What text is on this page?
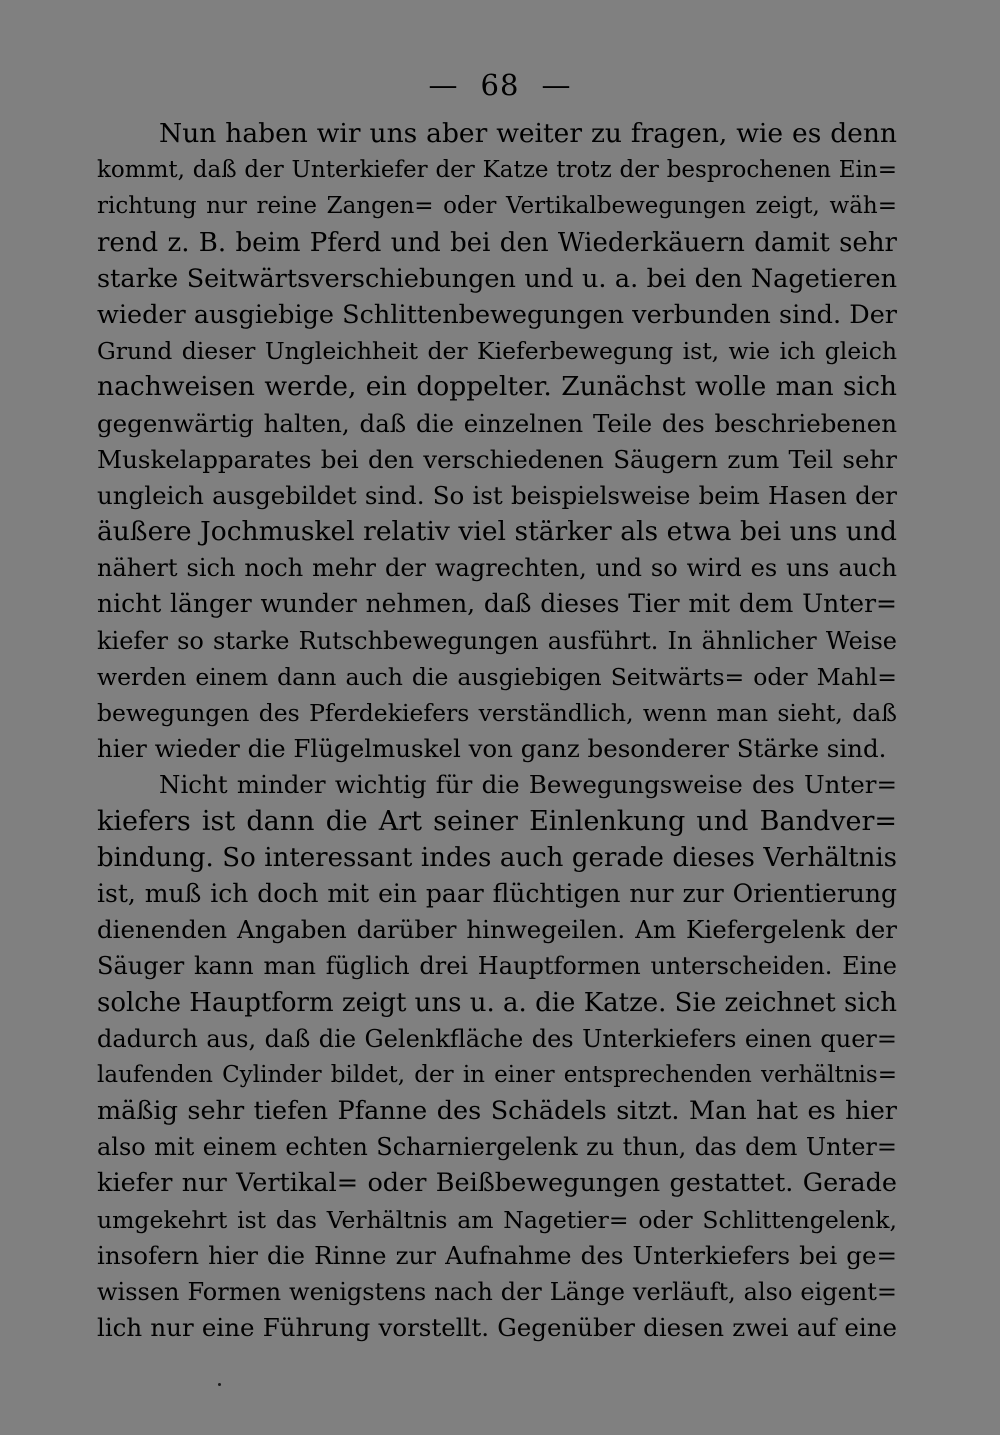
— 68 —
Nun haben wir uns aber weiter zu fragen, wie es denn
kommt, daß der Unterkiefer der Katze trotz der besprochenen Ein=
richtung nur reine Zangen= oder Vertikalbewegungen zeigt, wäh=
rend z. B. beim Pferd und bei den Wiederkäuern damit sehr
starke Seitwärtsverschiebungen und u. a. bei den Nagetieren
wieder ausgiebige Schlittenbewegungen verbunden sind. Der
Grund dieser Ungleichheit der Kieferbewegung ist, wie ich gleich
nachweisen werde, ein doppelter. Zunächst wolle man sich
gegenwärtig halten, daß die einzelnen Teile des beschriebenen
Muskelapparates bei den verschiedenen Säugern zum Teil sehr
ungleich ausgebildet sind. So ist beispielsweise beim Hasen der
äußere Jochmuskel relativ viel stärker als etwa bei uns und
nähert sich noch mehr der wagrechten, und so wird es uns auch
nicht länger wunder nehmen, daß dieses Tier mit dem Unter=
kiefer so starke Rutschbewegungen ausführt. In ähnlicher Weise
werden einem dann auch die ausgiebigen Seitwärts= oder Mahl=
bewegungen des Pferdekiefers verständlich, wenn man sieht, daß
hier wieder die Flügelmuskel von ganz besonderer Stärke sind.
Nicht minder wichtig für die Bewegungsweise des Unter=
kiefers ist dann die Art seiner Einlenkung und Bandver=
bindung. So interessant indes auch gerade dieses Verhältnis
ist, muß ich doch mit ein paar flüchtigen nur zur Orientierung
dienenden Angaben darüber hinwegeilen. Am Kiefergelenk der
Säuger kann man füglich drei Hauptformen unterscheiden. Eine
solche Hauptform zeigt uns u. a. die Katze. Sie zeichnet sich
dadurch aus, daß die Gelenkfläche des Unterkiefers einen quer=
laufenden Cylinder bildet, der in einer entsprechenden verhältnis=
mäßig sehr tiefen Pfanne des Schädels sitzt. Man hat es hier
also mit einem echten Scharniergelenk zu thun, das dem Unter=
kiefer nur Vertikal= oder Beißbewegungen gestattet. Gerade
umgekehrt ist das Verhältnis am Nagetier= oder Schlittengelenk,
insofern hier die Rinne zur Aufnahme des Unterkiefers bei ge=
wissen Formen wenigstens nach der Länge verläuft, also eigent=
lich nur eine Führung vorstellt. Gegenüber diesen zwei auf eine
